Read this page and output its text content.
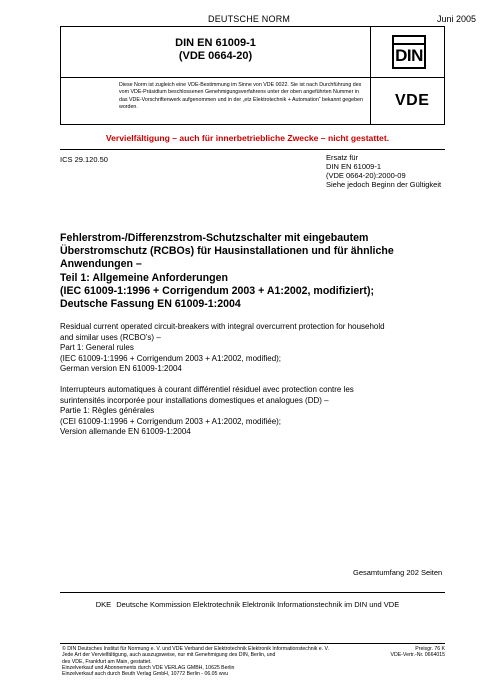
DEUTSCHE NORM	Juni 2005
DIN EN 61009-1
(VDE 0664-20)	DIN
Diese Norm ist zugleich eine VDE-Bestimmung im Sinne von VDE 0022. Sie ist nach Durchführung des vom VDE-Präsidium beschlossenen Genehmigungsverfahrens unter der oben angeführten Nummer in das VDE-Vorschriftenwerk aufgenommen und in der „etz Elektrotechnik + Automation“ bekannt gegeben worden.	VDE
Vervielfältigung – auch für innerbetriebliche Zwecke – nicht gestattet.
ICS 29.120.50	Ersatz für
DIN EN 61009-1
(VDE 0664-20):2000-09
Siehe jedoch Beginn der Gültigkeit
Fehlerstrom-/Differenzstrom-Schutzschalter mit eingebautem
Überstromschutz (RCBOs) für Hausinstallationen und für ähnliche
Anwendungen –
Teil 1: Allgemeine Anforderungen
(IEC 61009-1:1996 + Corrigendum 2003 + A1:2002, modifiziert);
Deutsche Fassung EN 61009-1:2004
Residual current operated circuit-breakers with integral overcurrent protection for household
and similar uses (RCBO’s) –
Part 1: General rules
(IEC 61009-1:1996 + Corrigendum 2003 + A1:2002, modified);
German version EN 61009-1:2004
Interrupteurs automatiques à courant différentiel résiduel avec protection contre les
surintensités incorporée pour installations domestiques et analogues (DD) –
Partie 1: Règles générales
(CEI 61009-1:1996 + Corrigendum 2003 + A1:2002, modifiée);
Version allemande EN 61009-1:2004
Gesamtumfang 202 Seiten
DKE Deutsche Kommission Elektrotechnik Elektronik Informationstechnik im DIN und VDE
© DIN Deutsches Institut für Normung e. V. und VDE Verband der Elektrotechnik Elektronik Informationstechnik e. V.
Jede Art der Vervielfältigung, auch auszugsweise, nur mit Genehmigung des DIN, Berlin, und
des VDE, Frankfurt am Main, gestattet.
Einzelverkauf und Abonnements durch VDE VERLAG GMBH, 10625 Berlin
Einzelverkauf auch durch Beuth Verlag GmbH, 10772 Berlin - 06.05 wvu
Preisgr. 76 K
VDE-Vertr.-Nr. 0664015
